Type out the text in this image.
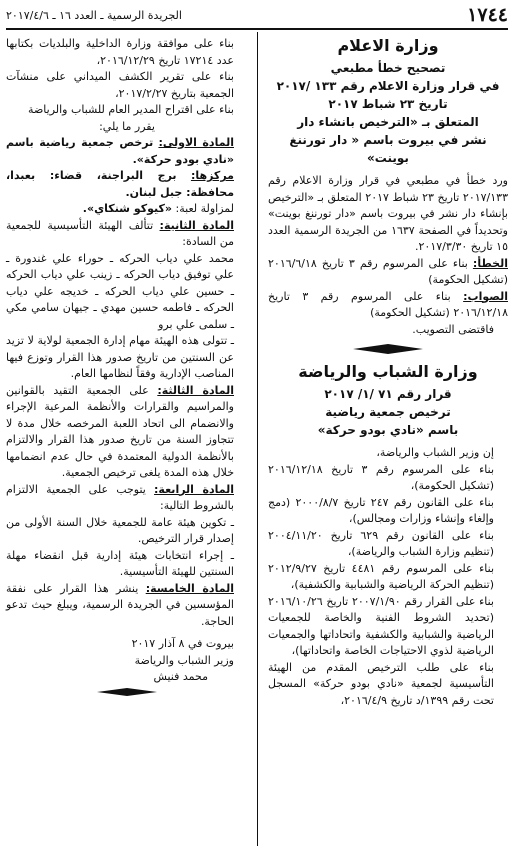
الجريدة الرسمية ـ العدد ١٦ ـ ٢٠١٧/٤/٦	١٧٤٤
وزارة الاعلام
تصحيح خطأ مطبعي
في قرار وزارة الاعلام رقم ١٣٣ /٢٠١٧
تاريخ ٢٣ شباط ٢٠١٧
المتعلق بـ «الترخيص بانشاء دار
نشر في بيروت باسم « دار تورننغ بوينت»

ورد خطأ في مطبعي في قرار وزارة الاعلام رقم ٢٠١٧/١٣٣ تاريخ ٢٣ شباط ٢٠١٧ المتعلق بـ «الترخيص بإنشاء دار نشر في بيروت باسم «دار تورننغ بوينت» وتحديداً في الصفحة ١٦٣٧ من الجريدة الرسمية العدد ١٥ تاريخ ٢٠١٧/٣/٣٠.

الخطأ: بناء على المرسوم رقم ٣ تاريخ ٢٠١٦/٦/١٨ (تشكيل الحكومة)

الصواب: بناء على المرسوم رقم ٣ تاريخ ٢٠١٦/١٢/١٨ (تشكيل الحكومة)

فاقتضى التصويب.

وزارة الشباب والرياضة
قرار رقم ٧١ /١/ ٢٠١٧
ترخيص جمعية رياضية
باسم «نادي بودو حركة»

إن وزير الشباب والرياضة،

بناء على المرسوم رقم ٣ تاريخ ٢٠١٦/١٢/١٨ (تشكيل الحكومة)،

بناء على القانون رقم ٢٤٧ تاريخ ٢٠٠٠/٨/٧ (دمج وإلغاء وإنشاء وزارات ومجالس)،

بناء على القانون رقم ٦٢٩ تاريخ ٢٠٠٤/١١/٢٠ (تنظيم وزارة الشباب والرياضة)،

بناء على المرسوم رقم ٤٤٨١ تاريخ ٢٠١٢/٩/٢٧ (تنظيم الحركة الرياضية والشبابية والكشفية)،

بناء على القرار رقم ٢٠٠٧/١/٩٠ تاريخ ٢٠١٦/١٠/٢٦ (تحديد الشروط الفنية والخاصة للجمعيات الرياضية والشبابية والكشفية واتحاداتها والجمعيات الرياضية لذوي الاحتياجات الخاصة واتحاداتها)،

بناء على طلب الترخيص المقدم من الهيئة التأسيسية لجمعية «نادي بودو حركة» المسجل تحت رقم ١٣٩٩/د تاريخ ٢٠١٦/٤/٩،

بناء على موافقة وزارة الداخلية والبلديات بكتابها عدد ١٧٢١٤ تاريخ ٢٠١٦/١٢/٢٩،

بناء على تقرير الكشف الميداني على منشآت الجمعية بتاريخ ٢٠١٧/٢/٢٧،

بناء على اقتراح المدير العام للشباب والرياضة

يقرر ما يلي:

المادة الاولى: ترخص جمعية رياضية باسم «نادي بودو حركة».

مركزها: برج البراجنة، قضاء: بعبدا، محافظة: جبل لبنان.

لمزاولة لعبة: «كيوكو شنكاي».

المادة الثانية: تتألف الهيئة التأسيسية للجمعية من السادة:

محمد علي دياب الحركه ـ حوراء علي غندورة ـ علي توفيق دياب الحركه ـ زينب علي دياب الحركه ـ حسين علي دياب الحركه ـ خديجه علي دياب الحركه ـ فاطمه حسين مهدي ـ جيهان سامي مكي ـ سلمى علي برو

ـ تتولى هذه الهيئة مهام إدارة الجمعية لولاية لا تزيد عن السنتين من تاريخ صدور هذا القرار وتوزع فيها المناصب الإدارية وفقاً لنظامها العام.

المادة الثالثة: على الجمعية التقيد بالقوانين والمراسيم والقرارات والأنظمة المرعية الإجراء والانضمام الى اتحاد اللعبة المرخصه خلال مدة لا تتجاوز السنة من تاريخ صدور هذا القرار والالتزام بالأنظمة الدولية المعتمدة في حال عدم انضمامها خلال هذه المدة يلغى ترخيص الجمعية.

المادة الرابعة: يتوجب على الجمعية الالتزام بالشروط التالية:

ـ تكوين هيئة عامة للجمعية خلال السنة الأولى من إصدار قرار الترخيص.

ـ إجراء انتخابات هيئة إدارية قبل انقضاء مهلة السنتين للهيئة التأسيسية.

المادة الخامسة: ينشر هذا القرار على نفقة المؤسسين في الجريدة الرسمية، ويبلغ حيث تدعو الحاجة.

بيروت في ٨ آذار ٢٠١٧

وزير الشباب والرياضة

محمد فنيش
